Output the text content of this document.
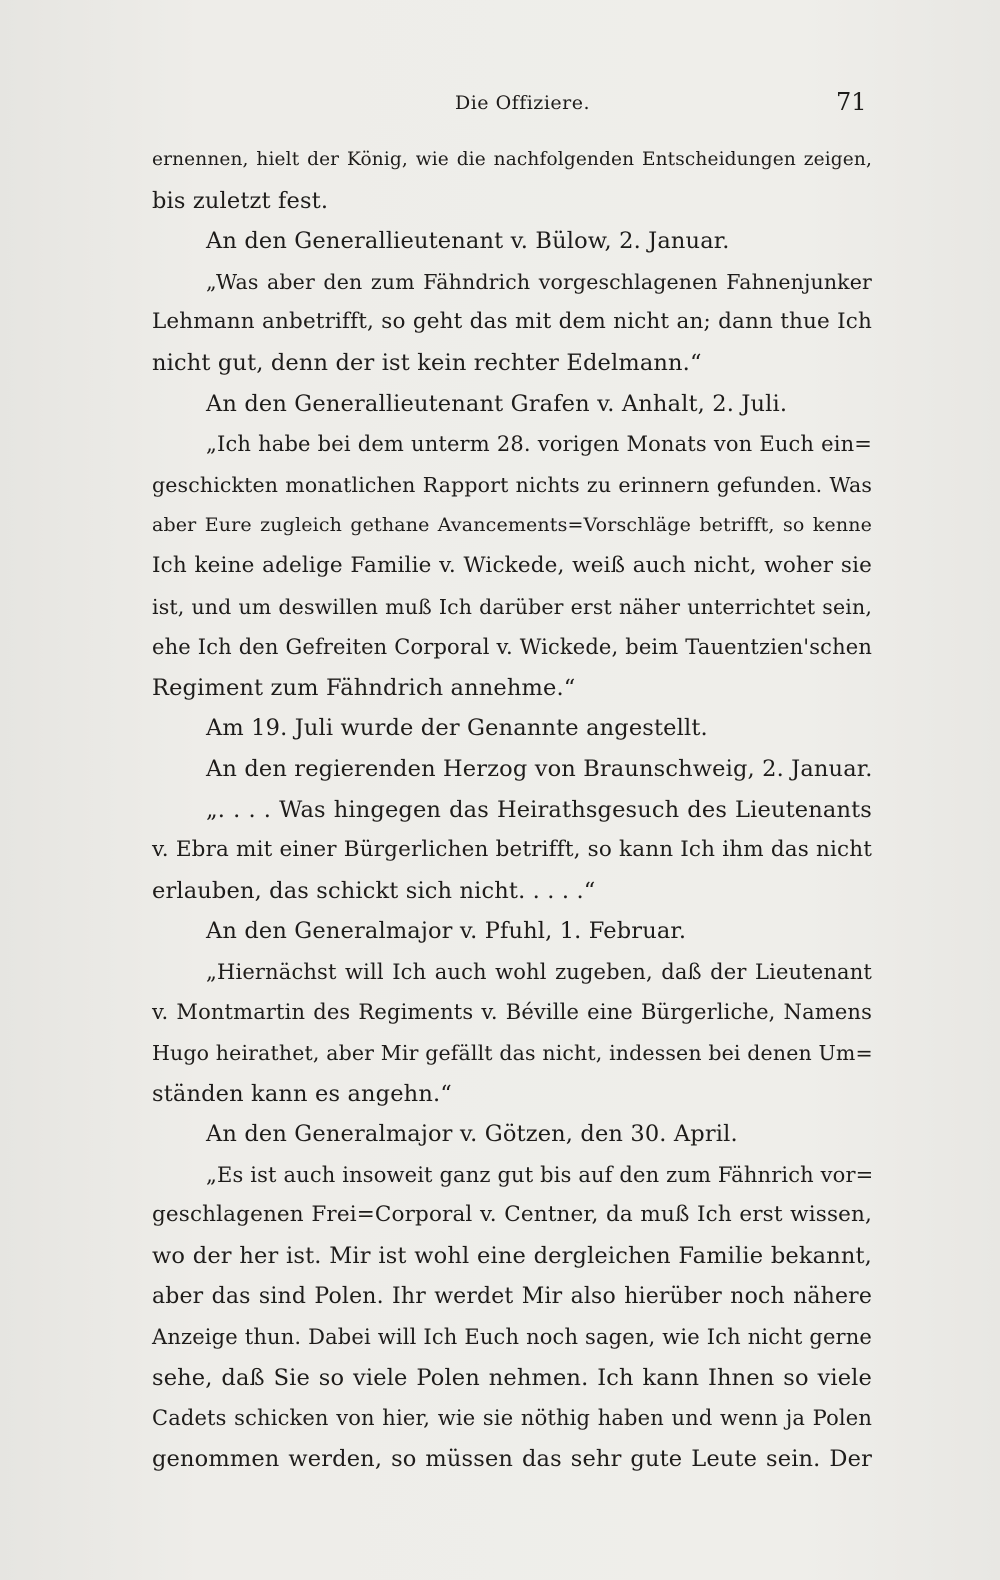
Die Offiziere.	71
ernennen, hielt der König, wie die nachfolgenden Entscheidungen zeigen,
bis zuletzt fest.
An den Generallieutenant v. Bülow, 2. Januar.
„Was aber den zum Fähndrich vorgeschlagenen Fahnenjunker
Lehmann anbetrifft, so geht das mit dem nicht an; dann thue Ich
nicht gut, denn der ist kein rechter Edelmann.“
An den Generallieutenant Grafen v. Anhalt, 2. Juli.
„Ich habe bei dem unterm 28. vorigen Monats von Euch ein=
geschickten monatlichen Rapport nichts zu erinnern gefunden. Was
aber Eure zugleich gethane Avancements=Vorschläge betrifft, so kenne
Ich keine adelige Familie v. Wickede, weiß auch nicht, woher sie
ist, und um deswillen muß Ich darüber erst näher unterrichtet sein,
ehe Ich den Gefreiten Corporal v. Wickede, beim Tauentzien'schen
Regiment zum Fähndrich annehme.“
Am 19. Juli wurde der Genannte angestellt.
An den regierenden Herzog von Braunschweig, 2. Januar.
„. . . . Was hingegen das Heirathsgesuch des Lieutenants
v. Ebra mit einer Bürgerlichen betrifft, so kann Ich ihm das nicht
erlauben, das schickt sich nicht. . . . .“
An den Generalmajor v. Pfuhl, 1. Februar.
„Hiernächst will Ich auch wohl zugeben, daß der Lieutenant
v. Montmartin des Regiments v. Béville eine Bürgerliche, Namens
Hugo heirathet, aber Mir gefällt das nicht, indessen bei denen Um=
ständen kann es angehn.“
An den Generalmajor v. Götzen, den 30. April.
„Es ist auch insoweit ganz gut bis auf den zum Fähnrich vor=
geschlagenen Frei=Corporal v. Centner, da muß Ich erst wissen,
wo der her ist. Mir ist wohl eine dergleichen Familie bekannt,
aber das sind Polen. Ihr werdet Mir also hierüber noch nähere
Anzeige thun. Dabei will Ich Euch noch sagen, wie Ich nicht gerne
sehe, daß Sie so viele Polen nehmen. Ich kann Ihnen so viele
Cadets schicken von hier, wie sie nöthig haben und wenn ja Polen
genommen werden, so müssen das sehr gute Leute sein. Der
